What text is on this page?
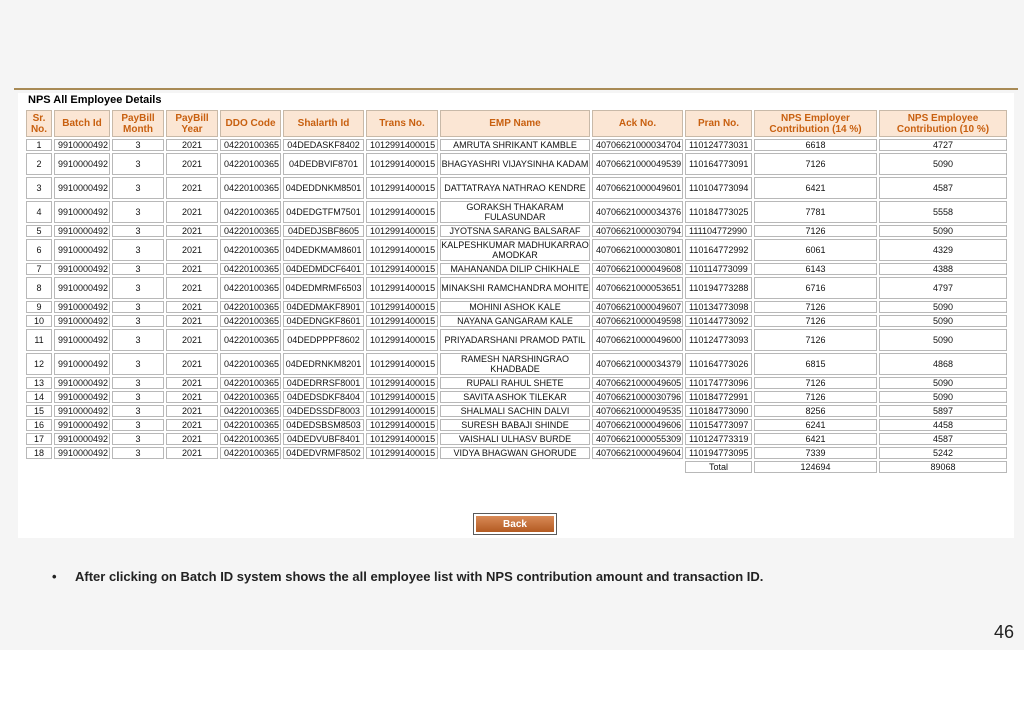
NPS All Employee Details
Sr. No.	Batch Id	PayBill Month	PayBill Year	DDO Code	Shalarth Id	Trans No.	EMP Name	Ack No.	Pran No.	NPS Employer Contribution (14 %)	NPS Employee Contribution (10 %)
1	9910000492	3	2021	04220100365	04DEDASKF8402	1012991400015	AMRUTA SHRIKANT KAMBLE	40706621000034704	110124773031	6618	4727
2	9910000492	3	2021	04220100365	04DEDBVIF8701	1012991400015	BHAGYASHRI VIJAYSINHA KADAM	40706621000049539	110164773091	7126	5090
3	9910000492	3	2021	04220100365	04DEDDNKM8501	1012991400015	DATTATRAYA NATHRAO KENDRE	40706621000049601	110104773094	6421	4587
4	9910000492	3	2021	04220100365	04DEDGTFM7501	1012991400015	GORAKSH THAKARAM FULASUNDAR	40706621000034376	110184773025	7781	5558
5	9910000492	3	2021	04220100365	04DEDJSBF8605	1012991400015	JYOTSNA SARANG BALSARAF	40706621000030794	111104772990	7126	5090
6	9910000492	3	2021	04220100365	04DEDKMAM8601	1012991400015	KALPESHKUMAR MADHUKARRAO AMODKAR	40706621000030801	110164772992	6061	4329
7	9910000492	3	2021	04220100365	04DEDMDCF6401	1012991400015	MAHANANDA DILIP CHIKHALE	40706621000049608	110114773099	6143	4388
8	9910000492	3	2021	04220100365	04DEDMRMF6503	1012991400015	MINAKSHI RAMCHANDRA MOHITE	40706621000053651	110194773288	6716	4797
9	9910000492	3	2021	04220100365	04DEDMAKF8901	1012991400015	MOHINI ASHOK KALE	40706621000049607	110134773098	7126	5090
10	9910000492	3	2021	04220100365	04DEDNGKF8601	1012991400015	NAYANA GANGARAM KALE	40706621000049598	110144773092	7126	5090
11	9910000492	3	2021	04220100365	04DEDPPPF8602	1012991400015	PRIYADARSHANI PRAMOD PATIL	40706621000049600	110124773093	7126	5090
12	9910000492	3	2021	04220100365	04DEDRNKM8201	1012991400015	RAMESH NARSHINGRAO KHADBADE	40706621000034379	110164773026	6815	4868
13	9910000492	3	2021	04220100365	04DEDRRSF8001	1012991400015	RUPALI RAHUL SHETE	40706621000049605	110174773096	7126	5090
14	9910000492	3	2021	04220100365	04DEDSDKF8404	1012991400015	SAVITA ASHOK TILEKAR	40706621000030796	110184772991	7126	5090
15	9910000492	3	2021	04220100365	04DEDSSDF8003	1012991400015	SHALMALI SACHIN DALVI	40706621000049535	110184773090	8256	5897
16	9910000492	3	2021	04220100365	04DEDSBSM8503	1012991400015	SURESH BABAJI SHINDE	40706621000049606	110154773097	6241	4458
17	9910000492	3	2021	04220100365	04DEDVUBF8401	1012991400015	VAISHALI ULHASV BURDE	40706621000055309	110124773319	6421	4587
18	9910000492	3	2021	04220100365	04DEDVRMF8502	1012991400015	VIDYA BHAGWAN GHORUDE	40706621000049604	110194773095	7339	5242
									Total	124694	89068
Back
• After clicking on Batch ID system shows the all employee list with NPS contribution amount and transaction ID.
46
